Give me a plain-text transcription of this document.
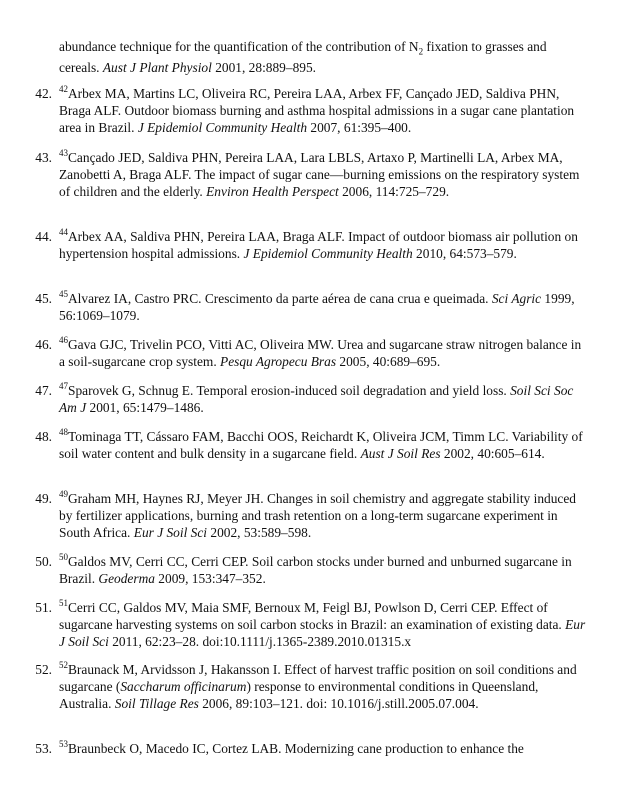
abundance technique for the quantification of the contribution of $N_2$ fixation to grasses and cereals. Aust J Plant Physiol 2001, 28:889–895.
42. $^{42}$Arbex MA, Martins LC, Oliveira RC, Pereira LAA, Arbex FF, Cançado JED, Saldiva PHN, Braga ALF. Outdoor biomass burning and asthma hospital admissions in a sugar cane plantation area in Brazil. J Epidemiol Community Health 2007, 61:395–400.
43. $^{43}$Cançado JED, Saldiva PHN, Pereira LAA, Lara LBLS, Artaxo P, Martinelli LA, Arbex MA, Zanobetti A, Braga ALF. The impact of sugar cane—burning emissions on the respiratory system of children and the elderly. Environ Health Perspect 2006, 114:725–729.
44. $^{44}$Arbex AA, Saldiva PHN, Pereira LAA, Braga ALF. Impact of outdoor biomass air pollution on hypertension hospital admissions. J Epidemiol Community Health 2010, 64:573–579.
45. $^{45}$Alvarez IA, Castro PRC. Crescimento da parte aérea de cana crua e queimada. Sci Agric 1999, 56:1069–1079.
46. $^{46}$Gava GJC, Trivelin PCO, Vitti AC, Oliveira MW. Urea and sugarcane straw nitrogen balance in a soil-sugarcane crop system. Pesqu Agropecu Bras 2005, 40:689–695.
47. $^{47}$Sparovek G, Schnug E. Temporal erosion-induced soil degradation and yield loss. Soil Sci Soc Am J 2001, 65:1479–1486.
48. $^{48}$Tominaga TT, Cássaro FAM, Bacchi OOS, Reichardt K, Oliveira JCM, Timm LC. Variability of soil water content and bulk density in a sugarcane field. Aust J Soil Res 2002, 40:605–614.
49. $^{49}$Graham MH, Haynes RJ, Meyer JH. Changes in soil chemistry and aggregate stability induced by fertilizer applications, burning and trash retention on a long-term sugarcane experiment in South Africa. Eur J Soil Sci 2002, 53:589–598.
50. $^{50}$Galdos MV, Cerri CC, Cerri CEP. Soil carbon stocks under burned and unburned sugarcane in Brazil. Geoderma 2009, 153:347–352.
51. $^{51}$Cerri CC, Galdos MV, Maia SMF, Bernoux M, Feigl BJ, Powlson D, Cerri CEP. Effect of sugarcane harvesting systems on soil carbon stocks in Brazil: an examination of existing data. Eur J Soil Sci 2011, 62:23–28. doi:10.1111/j.1365-2389.2010.01315.x
52. $^{52}$Braunack M, Arvidsson J, Hakansson I. Effect of harvest traffic position on soil conditions and sugarcane (Saccharum officinarum) response to environmental conditions in Queensland, Australia. Soil Tillage Res 2006, 89:103–121. doi: 10.1016/j.still.2005.07.004.
53. $^{53}$Braunbeck O, Macedo IC, Cortez LAB. Modernizing cane production to enhance the
